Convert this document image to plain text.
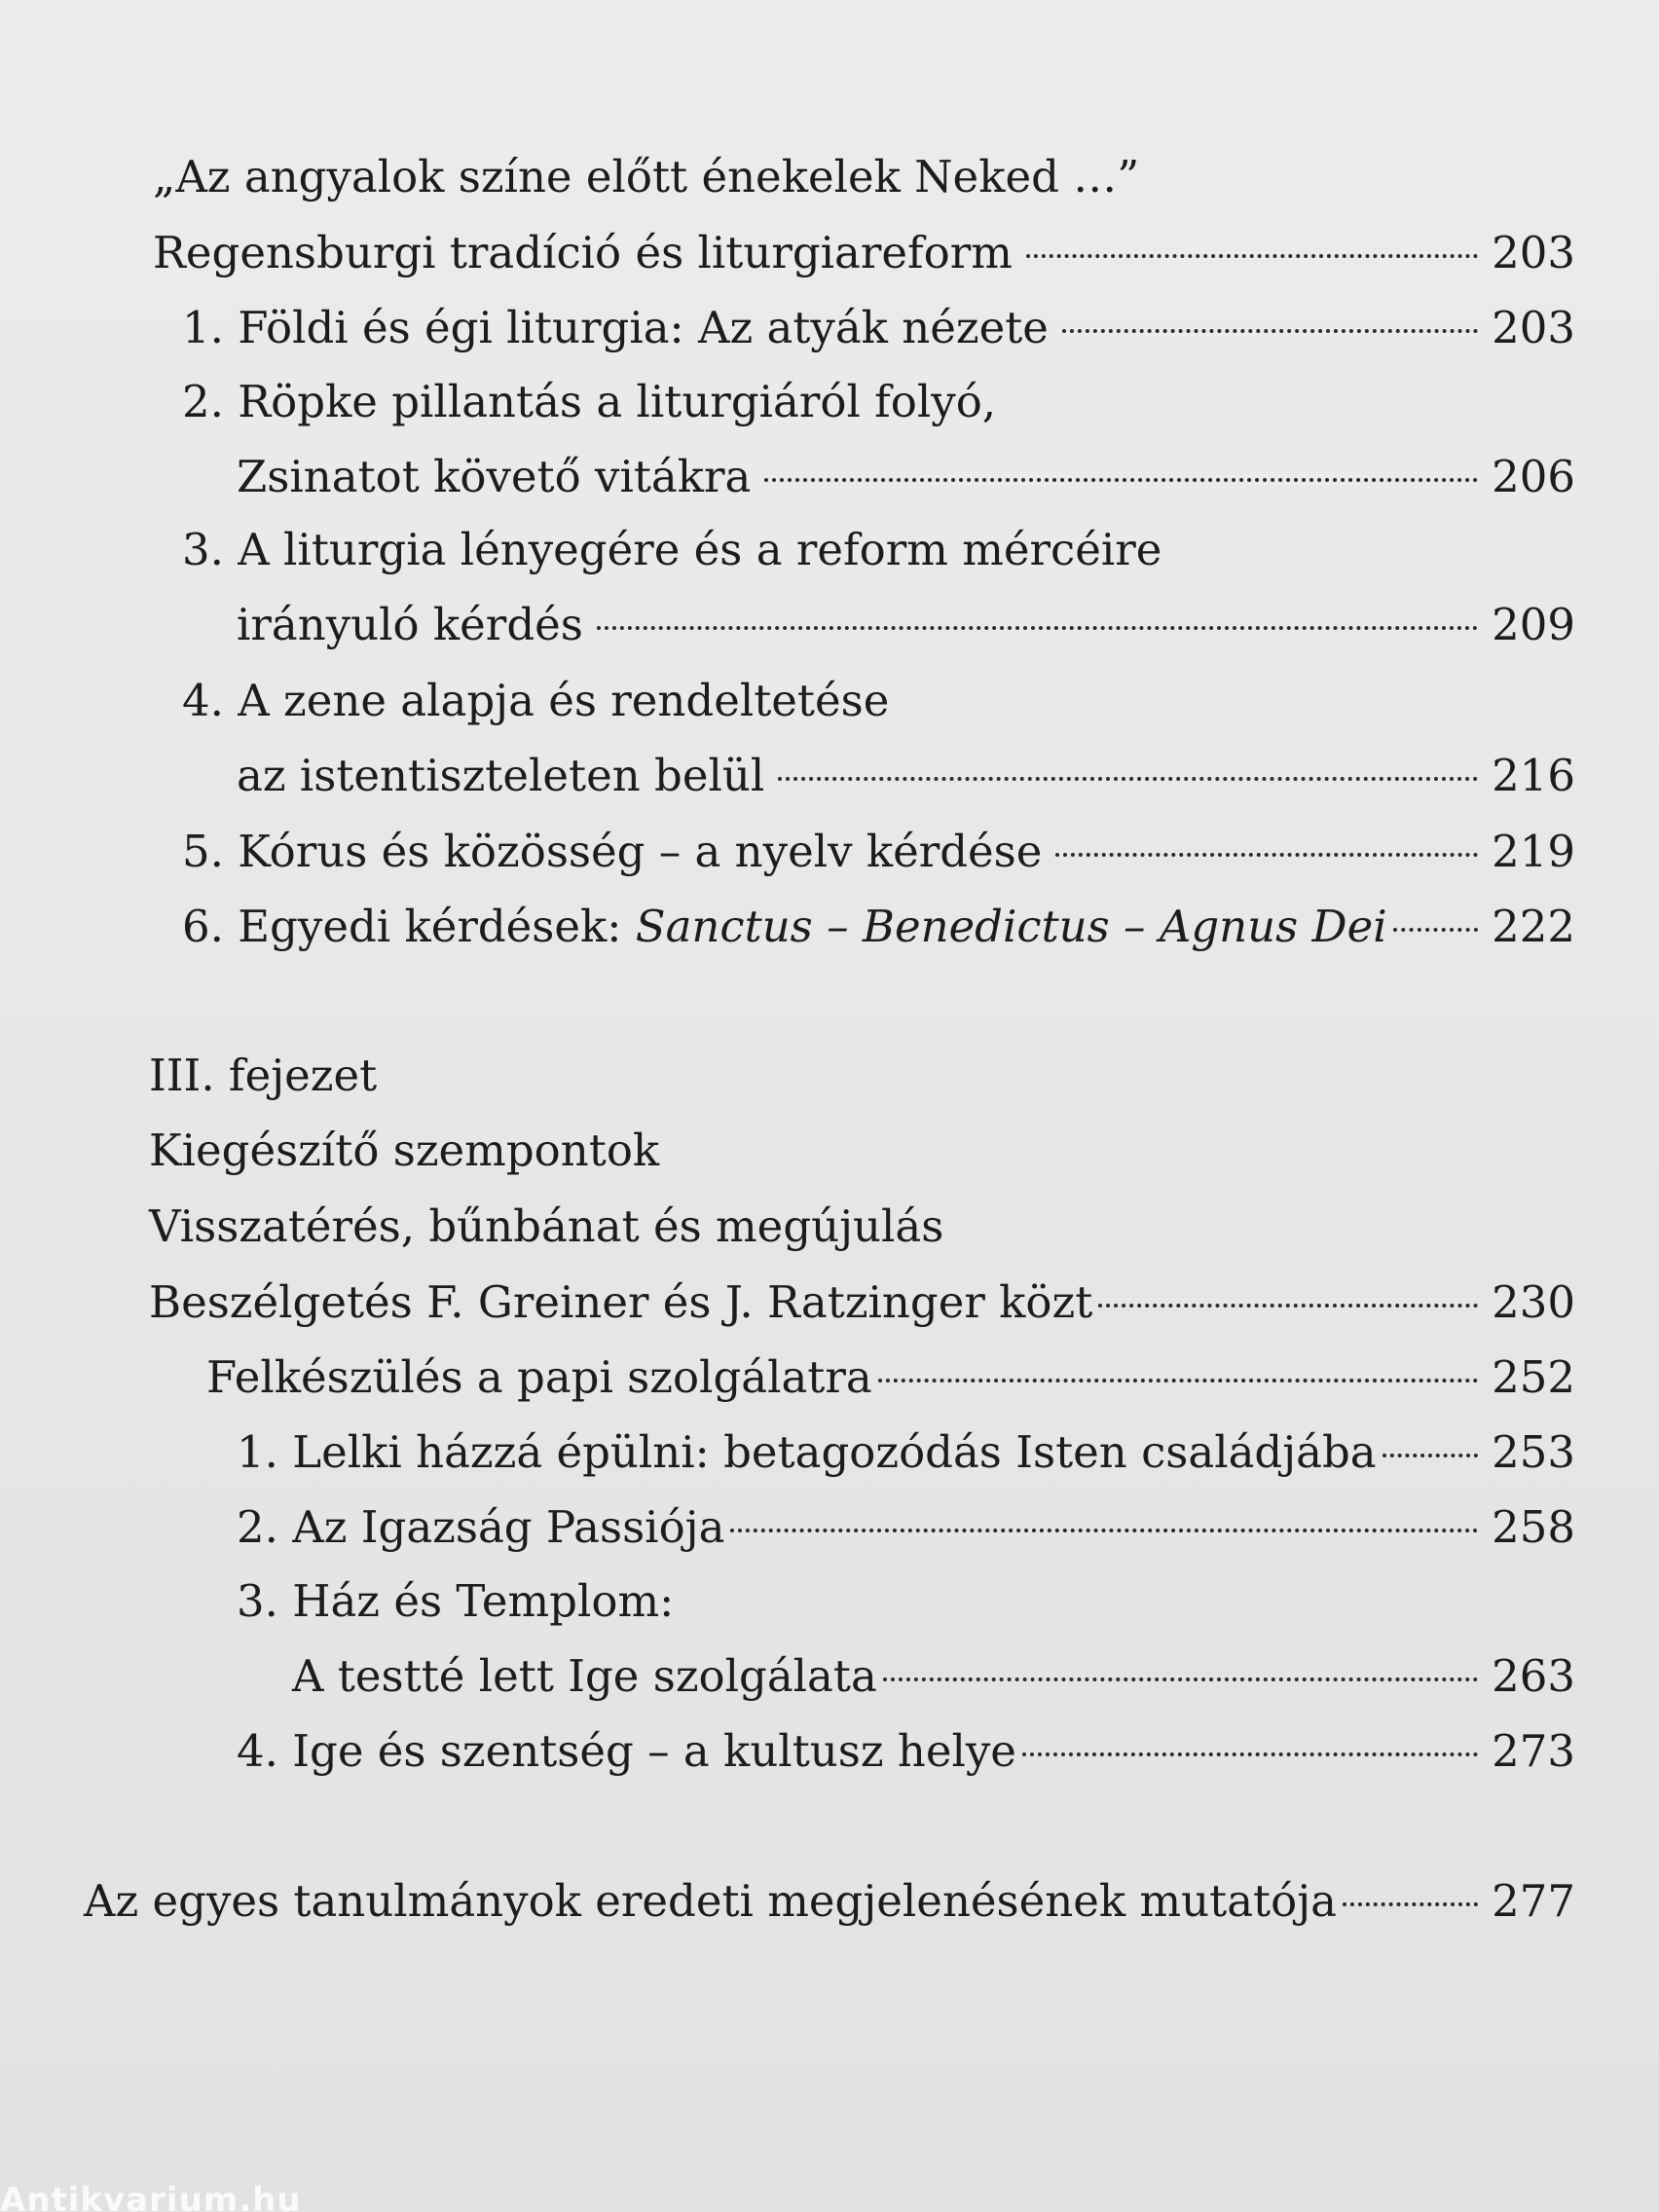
„Az angyalok színe előtt énekelek Neked …”
Regensburgi tradíció és liturgiareform	203
1. Földi és égi liturgia: Az atyák nézete	203
2. Röpke pillantás a liturgiáról folyó,
Zsinatot követő vitákra	206
3. A liturgia lényegére és a reform mércéire
irányuló kérdés	209
4. A zene alapja és rendeltetése
az istentiszteleten belül	216
5. Kórus és közösség – a nyelv kérdése	219
6. Egyedi kérdések: Sanctus – Benedictus – Agnus Dei 222
III. fejezet
Kiegészítő szempontok
Visszatérés, bűnbánat és megújulás
Beszélgetés F. Greiner és J. Ratzinger közt	230
Felkészülés a papi szolgálatra	252
1. Lelki házzá épülni: betagozódás Isten családjába	253
2. Az Igazság Passiója	258
3. Ház és Templom:
A testté lett Ige szolgálata	263
4. Ige és szentség – a kultusz helye	273
Az egyes tanulmányok eredeti megjelenésének mutatója	277
Antikvarium.hu
